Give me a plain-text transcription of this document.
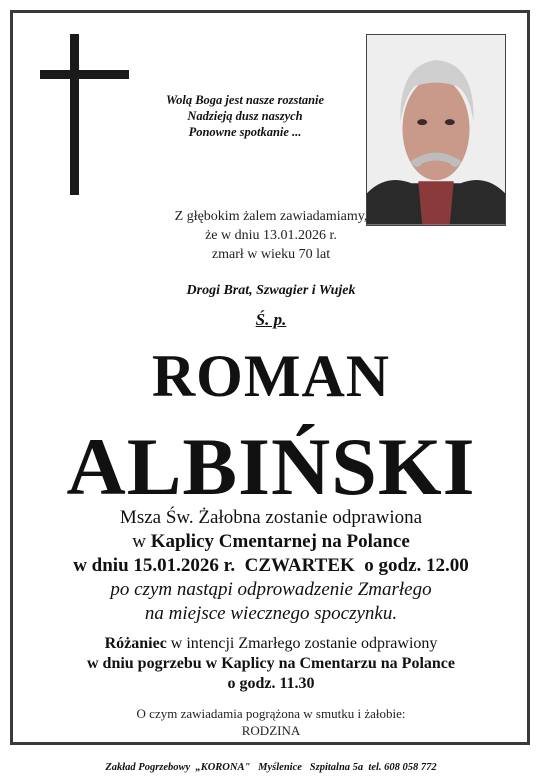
Wolą Boga jest nasze rozstanie
Nadzieją dusz naszych
Ponowne spotkanie ...
Z głębokim żalem zawiadamiamy,
że w dniu 13.01.2026 r.
zmarł w wieku 70 lat
Drogi Brat, Szwagier i Wujek
Ś. p.
ROMAN
ALBIŃSKI
Msza Św. Żałobna zostanie odprawiona
w Kaplicy Cmentarnej na Polance
w dniu 15.01.2026 r.  CZWARTEK  o godz. 12.00
po czym nastąpi odprowadzenie Zmarłego
na miejsce wiecznego spoczynku.
Różaniec w intencji Zmarłego zostanie odprawiony
w dniu pogrzebu w Kaplicy na Cmentarzu na Polance
o godz. 11.30
O czym zawiadamia pogrążona w smutku i żałobie:
RODZINA
Zakład Pogrzebowy  „KORONA"   Myślenice   Szpitalna 5a  tel. 608 058 772
